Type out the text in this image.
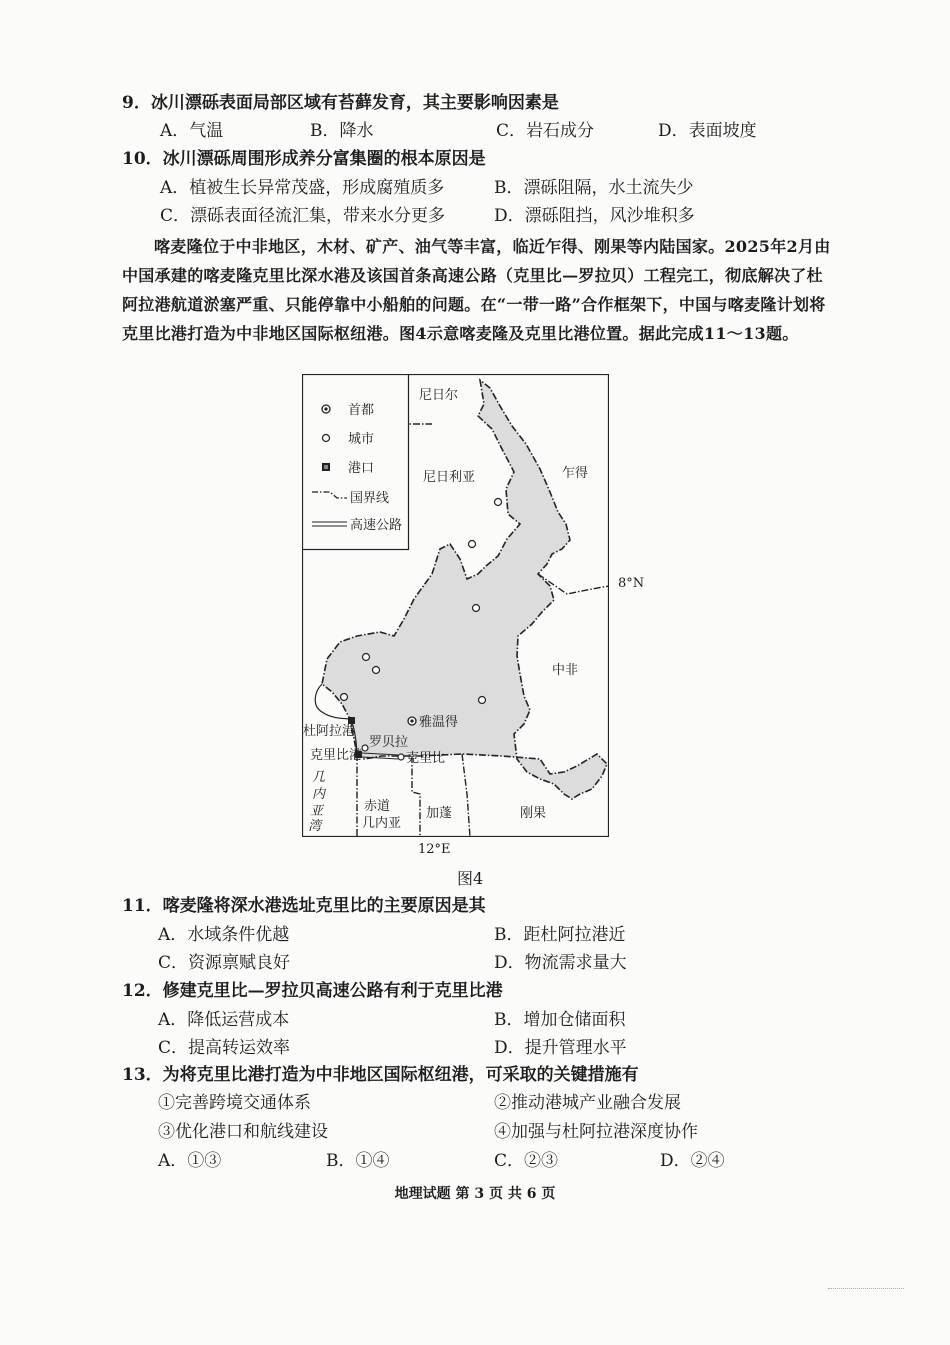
9．冰川漂砾表面局部区域有苔藓发育，其主要影响因素是
A．气温	B．降水	C．岩石成分	D．表面坡度
10．冰川漂砾周围形成养分富集圈的根本原因是
A．植被生长异常茂盛，形成腐殖质多	B．漂砾阻隔，水土流失少
C．漂砾表面径流汇集，带来水分更多	D．漂砾阻挡，风沙堆积多

喀麦隆位于中非地区，木材、矿产、油气等丰富，临近乍得、刚果等内陆国家。2025年2月由中国承建的喀麦隆克里比深水港及该国首条高速公路（克里比—罗拉贝）工程完工，彻底解决了杜阿拉港航道淤塞严重、只能停靠中小船舶的问题。在“一带一路”合作框架下，中国与喀麦隆计划将克里比港打造为中非地区国际枢纽港。图4示意喀麦隆及克里比港位置。据此完成11～13题。

首都
城市
港口
国界线
高速公路
雅温得
杜阿拉港
克里比港
罗贝拉
克里比
尼日尔
尼日利亚	乍得
中非
加蓬	刚果
赤道
几内亚
几
内
亚
湾
8°N
12°E
图4
11．喀麦隆将深水港选址克里比的主要原因是其
A．水域条件优越	B．距杜阿拉港近
C．资源禀赋良好	D．物流需求量大
12．修建克里比—罗拉贝高速公路有利于克里比港
A．降低运营成本	B．增加仓储面积
C．提高转运效率	D．提升管理水平
13．为将克里比港打造为中非地区国际枢纽港，可采取的关键措施有
①完善跨境交通体系	②推动港城产业融合发展
③优化港口和航线建设	④加强与杜阿拉港深度协作
A．①③	B．①④	C．②③	D．②④
地理试题 第 3 页 共 6 页
